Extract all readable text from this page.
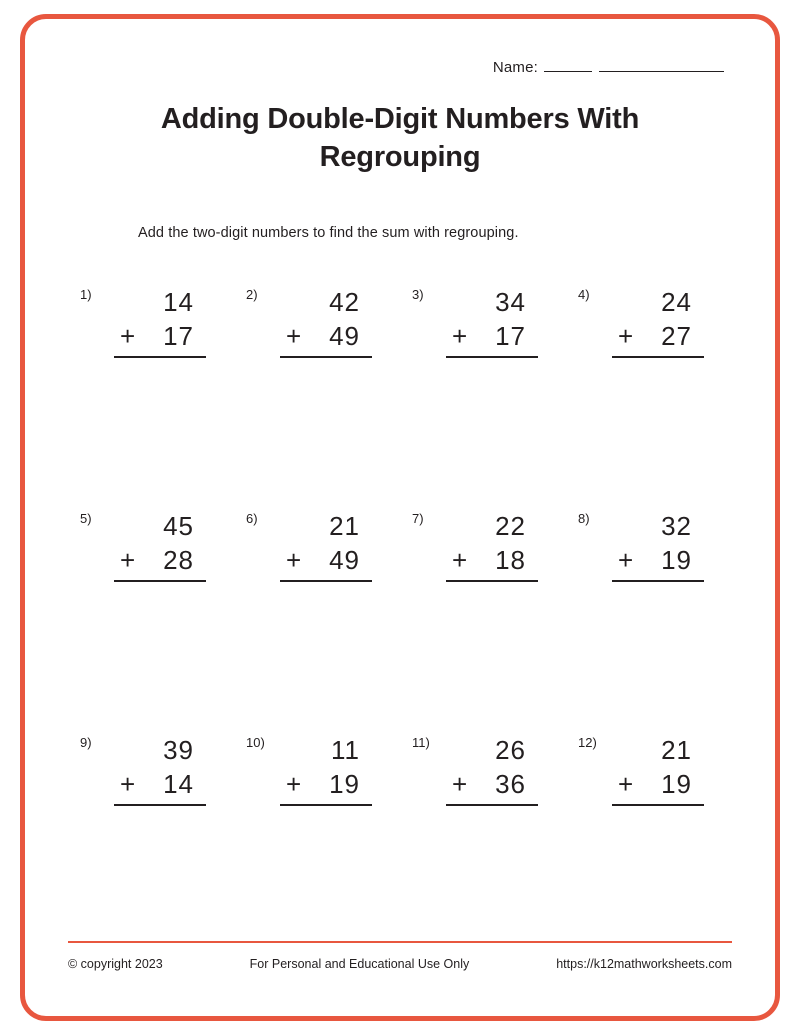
Name:
Adding Double-Digit Numbers With Regrouping
Add the two-digit numbers to find the sum with regrouping.
1)	14
+ 17
2)	42
+ 49
3)	34
+ 17
4)	24
+ 27
5)	45
+ 28
6)	21
+ 49
7)	22
+ 18
8)	32
+ 19
9)	39
+ 14
10)	11
+ 19
11)	26
+ 36
12)	21
+ 19
© copyright 2023	For Personal and Educational Use Only	https://k12mathworksheets.com
